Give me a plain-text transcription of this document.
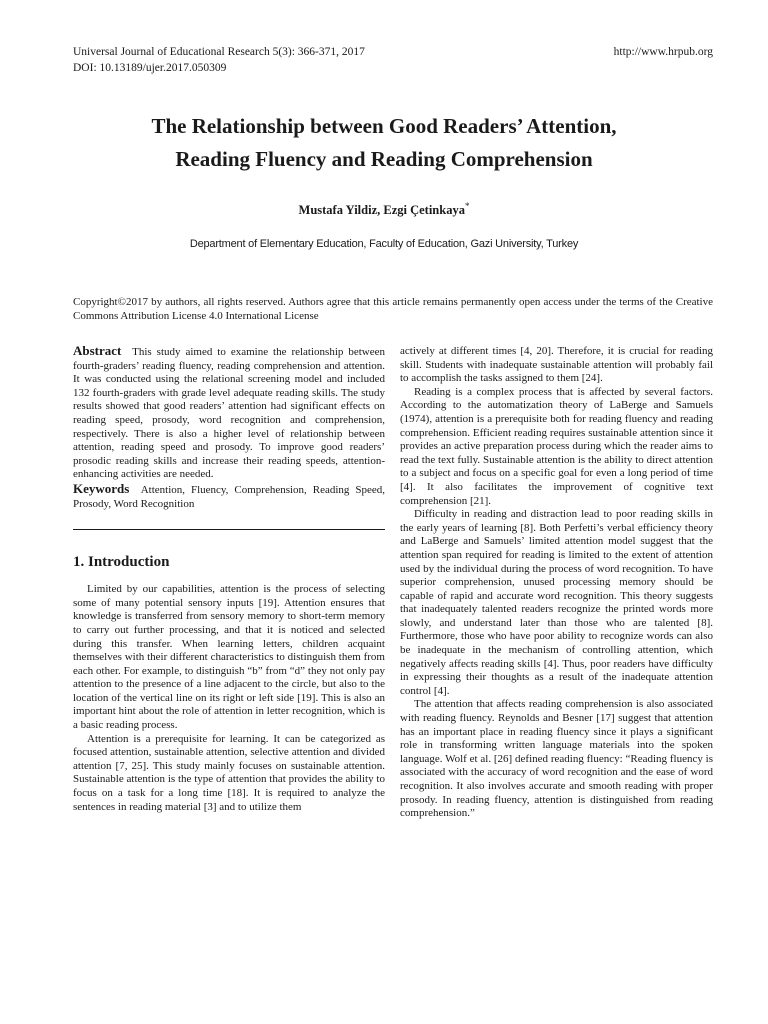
Universal Journal of Educational Research 5(3): 366-371, 2017
DOI: 10.13189/ujer.2017.050309
http://www.hrpub.org
The Relationship between Good Readers’ Attention,
Reading Fluency and Reading Comprehension
Mustafa Yildiz, Ezgi Çetinkaya*
Department of Elementary Education, Faculty of Education, Gazi University, Turkey
Copyright©2017 by authors, all rights reserved. Authors agree that this article remains permanently open access under the terms of the Creative Commons Attribution License 4.0 International License

Abstract This study aimed to examine the relationship between fourth-graders’ reading fluency, reading comprehension and attention. It was conducted using the relational screening model and included 132 fourth-graders with grade level adequate reading skills. The study results showed that good readers’ attention had significant effects on reading speed, prosody, word recognition and comprehension, respectively. There is also a higher level of relationship between attention, reading speed and prosody. To improve good readers’ prosodic reading skills and increase their reading speeds, attention-enhancing activities are needed.

Keywords Attention, Fluency, Comprehension, Reading Speed, Prosody, Word Recognition

1. Introduction

Limited by our capabilities, attention is the process of selecting some of many potential sensory inputs [19]. Attention ensures that knowledge is transferred from sensory memory to short-term memory to carry out further processing, and that it is noticed and selected during this transfer. When learning letters, children acquaint themselves with their different characteristics to distinguish them from each other. For example, to distinguish “b” from “d” they not only pay attention to the presence of a line adjacent to the circle, but also to the location of the vertical line on its right or left side [19]. This is also an important hint about the role of attention in letter recognition, which is a basic reading process.

Attention is a prerequisite for learning. It can be categorized as focused attention, sustainable attention, selective attention and divided attention [7, 25]. This study mainly focuses on sustainable attention. Sustainable attention is the type of attention that provides the ability to focus on a task for a long time [18]. It is required to analyze the sentences in reading material [3] and to utilize them

actively at different times [4, 20]. Therefore, it is crucial for reading skill. Students with inadequate sustainable attention will probably fail to accomplish the tasks assigned to them [24].

Reading is a complex process that is affected by several factors. According to the automatization theory of LaBerge and Samuels (1974), attention is a prerequisite both for reading fluency and reading comprehension. Efficient reading requires sustainable attention since it provides an active preparation process during which the reader aims to read the text fully. Sustainable attention is the ability to direct attention to a subject and focus on a specific goal for even a long period of time [4]. It also facilitates the improvement of cognitive text comprehension [21].

Difficulty in reading and distraction lead to poor reading skills in the early years of learning [8]. Both Perfetti’s verbal efficiency theory and LaBerge and Samuels’ limited attention model suggest that the attention span required for reading is limited to the extent of attention used by the individual during the process of word recognition. To have superior comprehension, unused processing memory should be capable of rapid and accurate word recognition. This theory suggests that inadequately talented readers recognize the printed words more slowly, and understand later than those who are talented [8]. Furthermore, those who have poor ability to recognize words can also be inadequate in the mechanism of controlling attention, which negatively affects reading skills [4]. Thus, poor readers have difficulty in expressing their thoughts as a result of the inadequate attention control [4].

The attention that affects reading comprehension is also associated with reading fluency. Reynolds and Besner [17] suggest that attention has an important place in reading fluency since it plays a significant role in transforming written language materials into the spoken language. Wolf et al. [26] defined reading fluency: “Reading fluency is associated with the accuracy of word recognition and the ease of word recognition. It also involves accurate and smooth reading with proper prosody. In reading fluency, attention is distinguished from reading comprehension.”
